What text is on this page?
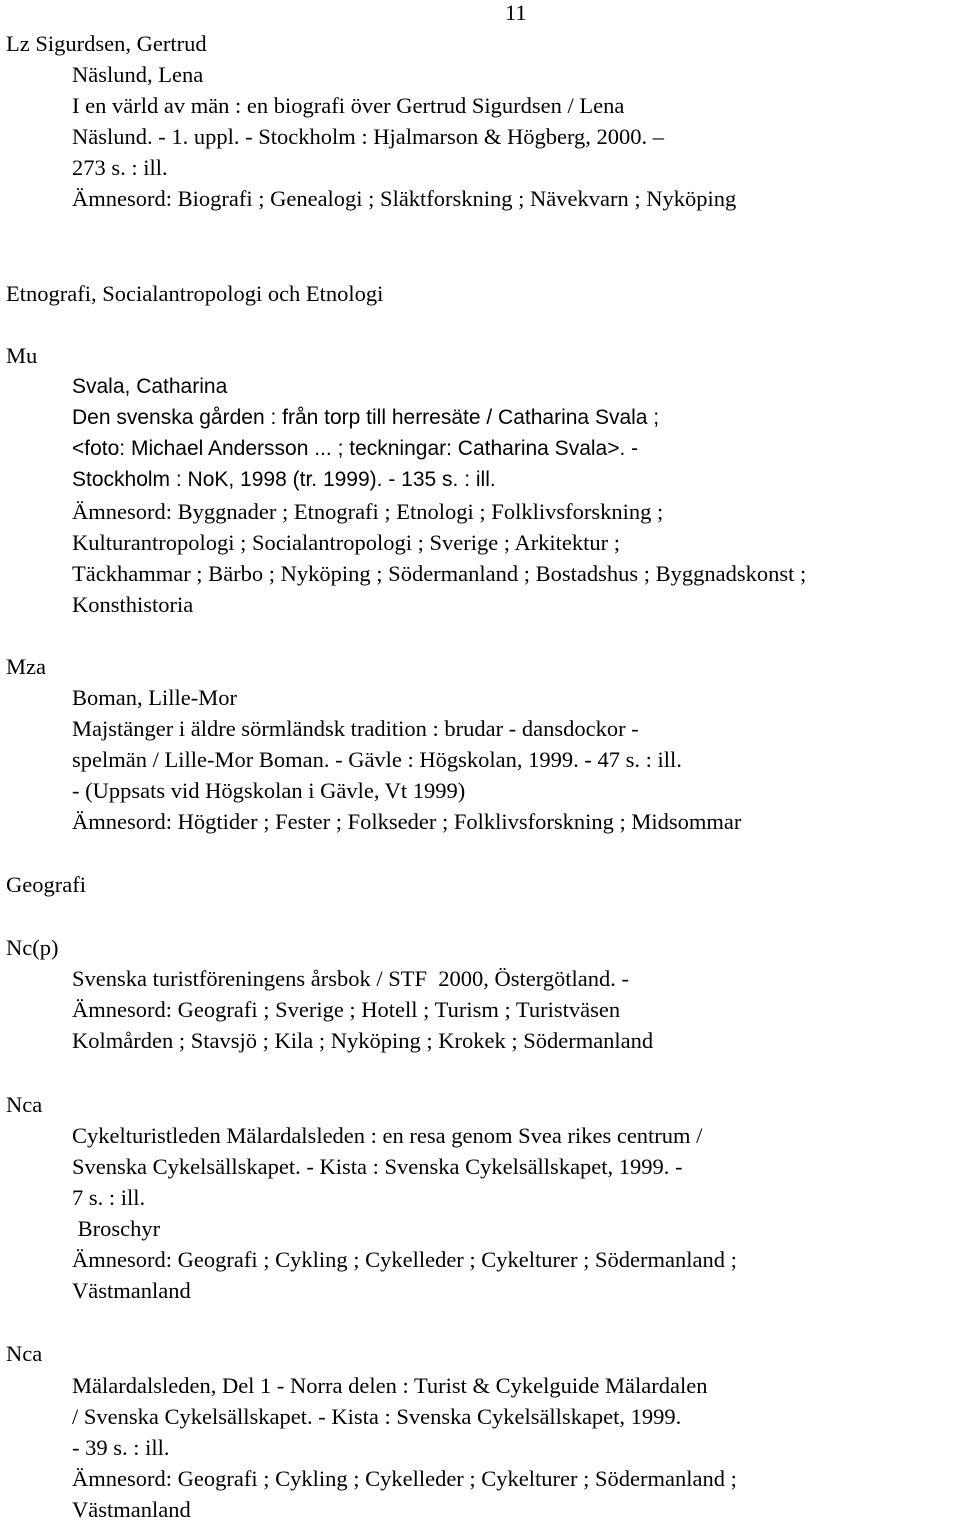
11
Lz Sigurdsen, Gertrud
Näslund, Lena
I en värld av män : en biografi över Gertrud Sigurdsen / Lena
Näslund. - 1. uppl. - Stockholm : Hjalmarson & Högberg, 2000. –
273 s. : ill.
Ämnesord: Biografi ; Genealogi ; Släktforskning ; Nävekvarn ; Nyköping
Etnografi, Socialantropologi och Etnologi
Mu
Svala, Catharina
Den svenska gården : från torp till herresäte / Catharina Svala ;
<foto: Michael Andersson ... ; teckningar: Catharina Svala>. -
Stockholm : NoK, 1998 (tr. 1999). - 135 s. : ill.
Ämnesord: Byggnader ; Etnografi ; Etnologi ; Folklivsforskning ;
Kulturantropologi ; Socialantropologi ; Sverige ; Arkitektur ;
Täckhammar ; Bärbo ; Nyköping ; Södermanland ; Bostadshus ; Byggnadskonst ;
Konsthistoria
Mza
Boman, Lille-Mor
Majstänger i äldre sörmländsk tradition : brudar - dansdockor -
spelmän / Lille-Mor Boman. - Gävle : Högskolan, 1999. - 47 s. : ill.
- (Uppsats vid Högskolan i Gävle, Vt 1999)
Ämnesord: Högtider ; Fester ; Folkseder ; Folklivsforskning ; Midsommar
Geografi
Nc(p)
Svenska turistföreningens årsbok / STF  2000, Östergötland. -
Ämnesord: Geografi ; Sverige ; Hotell ; Turism ; Turistväsen
Kolmården ; Stavsjö ; Kila ; Nyköping ; Krokek ; Södermanland
Nca
Cykelturistleden Mälardalsleden : en resa genom Svea rikes centrum /
Svenska Cykelsällskapet. - Kista : Svenska Cykelsällskapet, 1999. -
7 s. : ill.
Broschyr
Ämnesord: Geografi ; Cykling ; Cykelleder ; Cykelturer ; Södermanland ;
Västmanland
Nca
Mälardalsleden, Del 1 - Norra delen : Turist & Cykelguide Mälardalen
/ Svenska Cykelsällskapet. - Kista : Svenska Cykelsällskapet, 1999.
- 39 s. : ill.
Ämnesord: Geografi ; Cykling ; Cykelleder ; Cykelturer ; Södermanland ;
Västmanland
